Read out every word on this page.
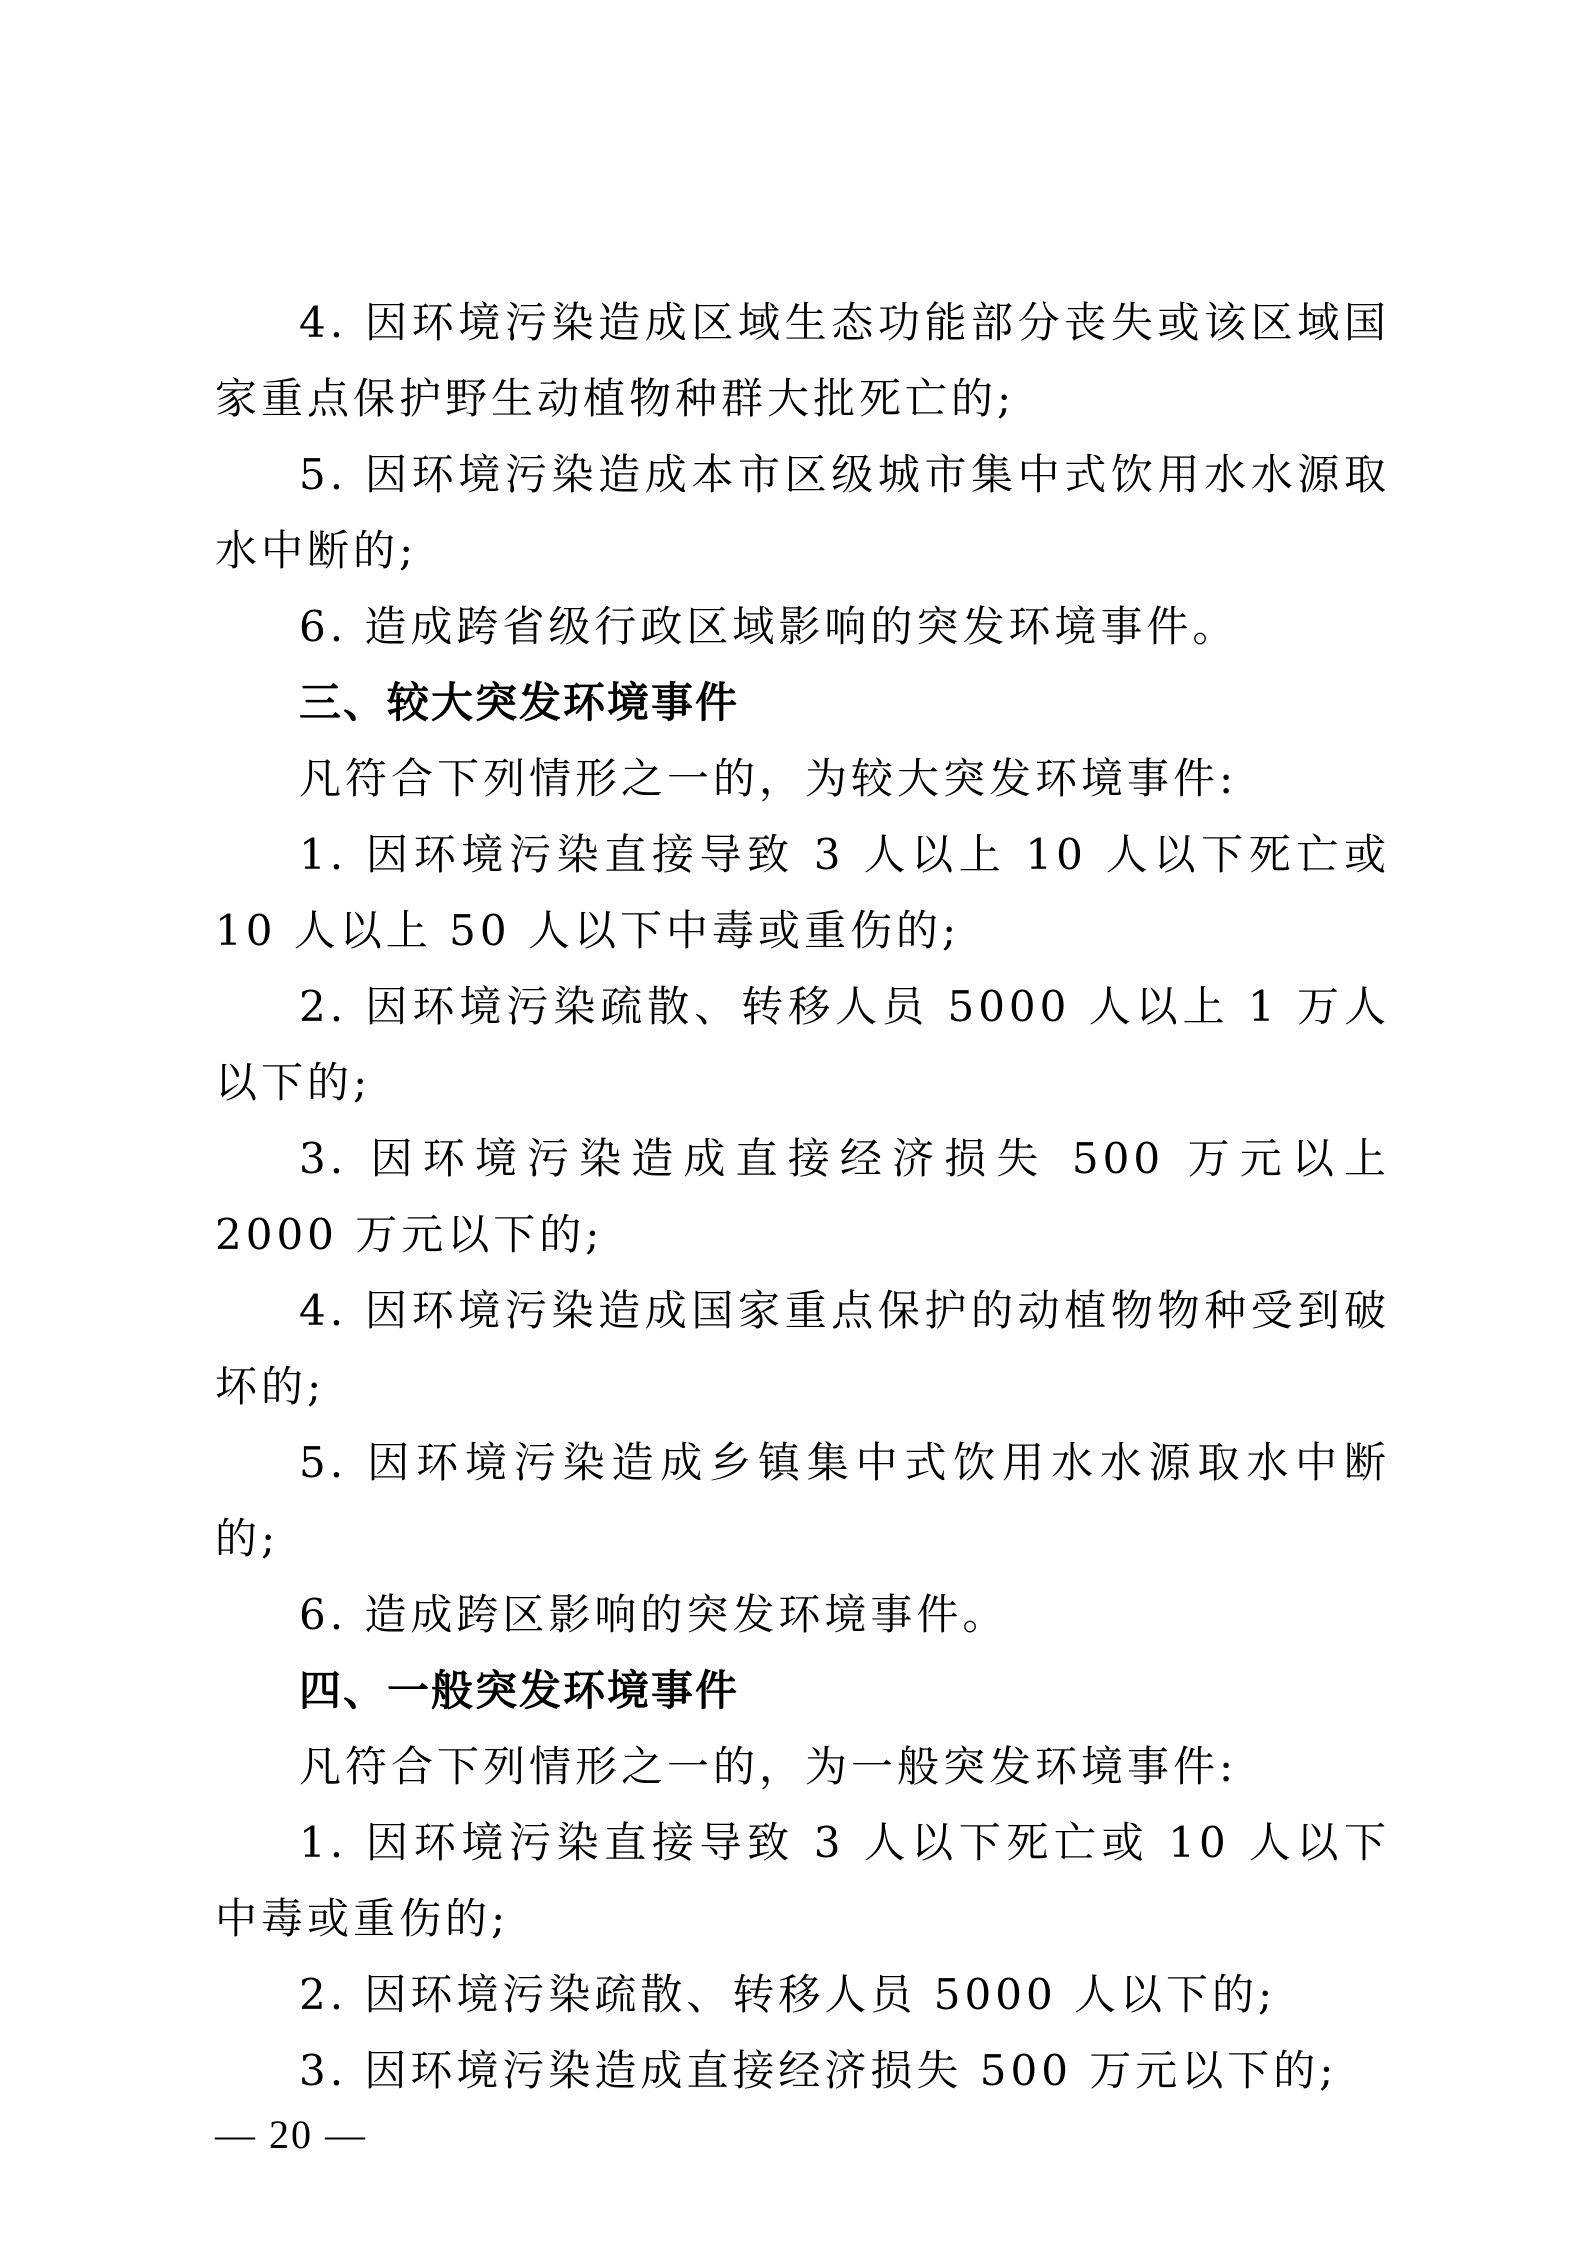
4. 因环境污染造成区域生态功能部分丧失或该区域国家重点保护野生动植物种群大批死亡的;

5. 因环境污染造成本市区级城市集中式饮用水水源取水中断的;

6. 造成跨省级行政区域影响的突发环境事件。

三、较大突发环境事件

凡符合下列情形之一的，为较大突发环境事件:

1. 因环境污染直接导致 3 人以上 10 人以下死亡或 10 人以上 50 人以下中毒或重伤的;

2. 因环境污染疏散、转移人员 5000 人以上 1 万人以下的;

3. 因环境污染造成直接经济损失 500 万元以上 2000 万元以下的;

4. 因环境污染造成国家重点保护的动植物物种受到破坏的;

5. 因环境污染造成乡镇集中式饮用水水源取水中断的;

6. 造成跨区影响的突发环境事件。

四、一般突发环境事件

凡符合下列情形之一的，为一般突发环境事件:

1. 因环境污染直接导致 3 人以下死亡或 10 人以下中毒或重伤的;

2. 因环境污染疏散、转移人员 5000 人以下的;

3. 因环境污染造成直接经济损失 500 万元以下的;

— 20 —
